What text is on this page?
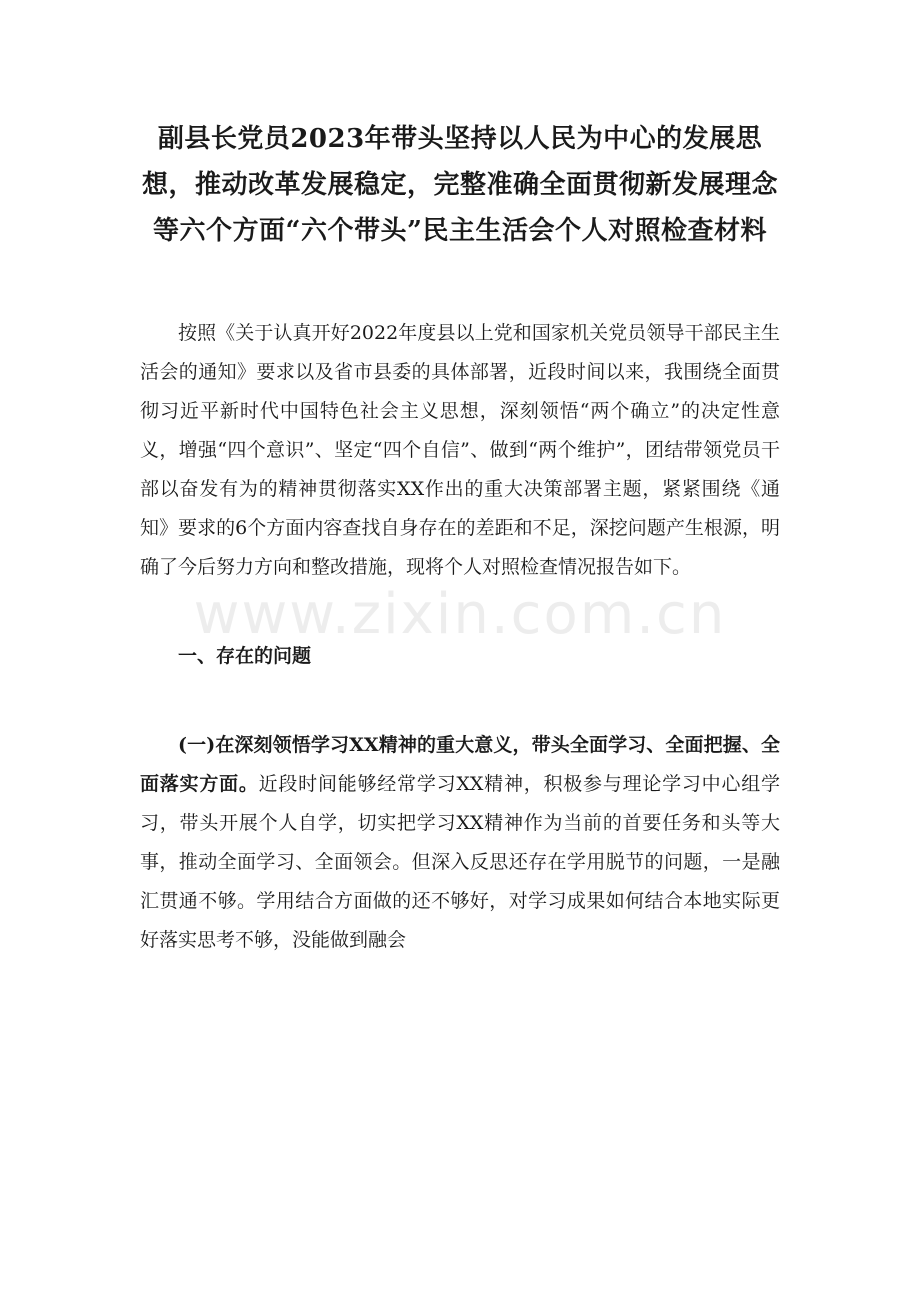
副县长党员2023年带头坚持以人民为中心的发展思想，推动改革发展稳定，完整准确全面贯彻新发展理念等六个方面“六个带头”民主生活会个人对照检查材料

按照《关于认真开好2022年度县以上党和国家机关党员领导干部民主生活会的通知》要求以及省市县委的具体部署，近段时间以来，我围绕全面贯彻习近平新时代中国特色社会主义思想，深刻领悟“两个确立”的决定性意义，增强“四个意识”、坚定“四个自信”、做到“两个维护”，团结带领党员干部以奋发有为的精神贯彻落实XX作出的重大决策部署主题，紧紧围绕《通知》要求的6个方面内容查找自身存在的差距和不足，深挖问题产生根源，明确了今后努力方向和整改措施，现将个人对照检查情况报告如下。

一、存在的问题

(一)在深刻领悟学习XX精神的重大意义，带头全面学习、全面把握、全面落实方面。近段时间能够经常学习XX精神，积极参与理论学习中心组学习，带头开展个人自学，切实把学习XX精神作为当前的首要任务和头等大事，推动全面学习、全面领会。但深入反思还存在学用脱节的问题，一是融汇贯通不够。学用结合方面做的还不够好，对学习成果如何结合本地实际更好落实思考不够，没能做到融会

www.zixin.com.cn
